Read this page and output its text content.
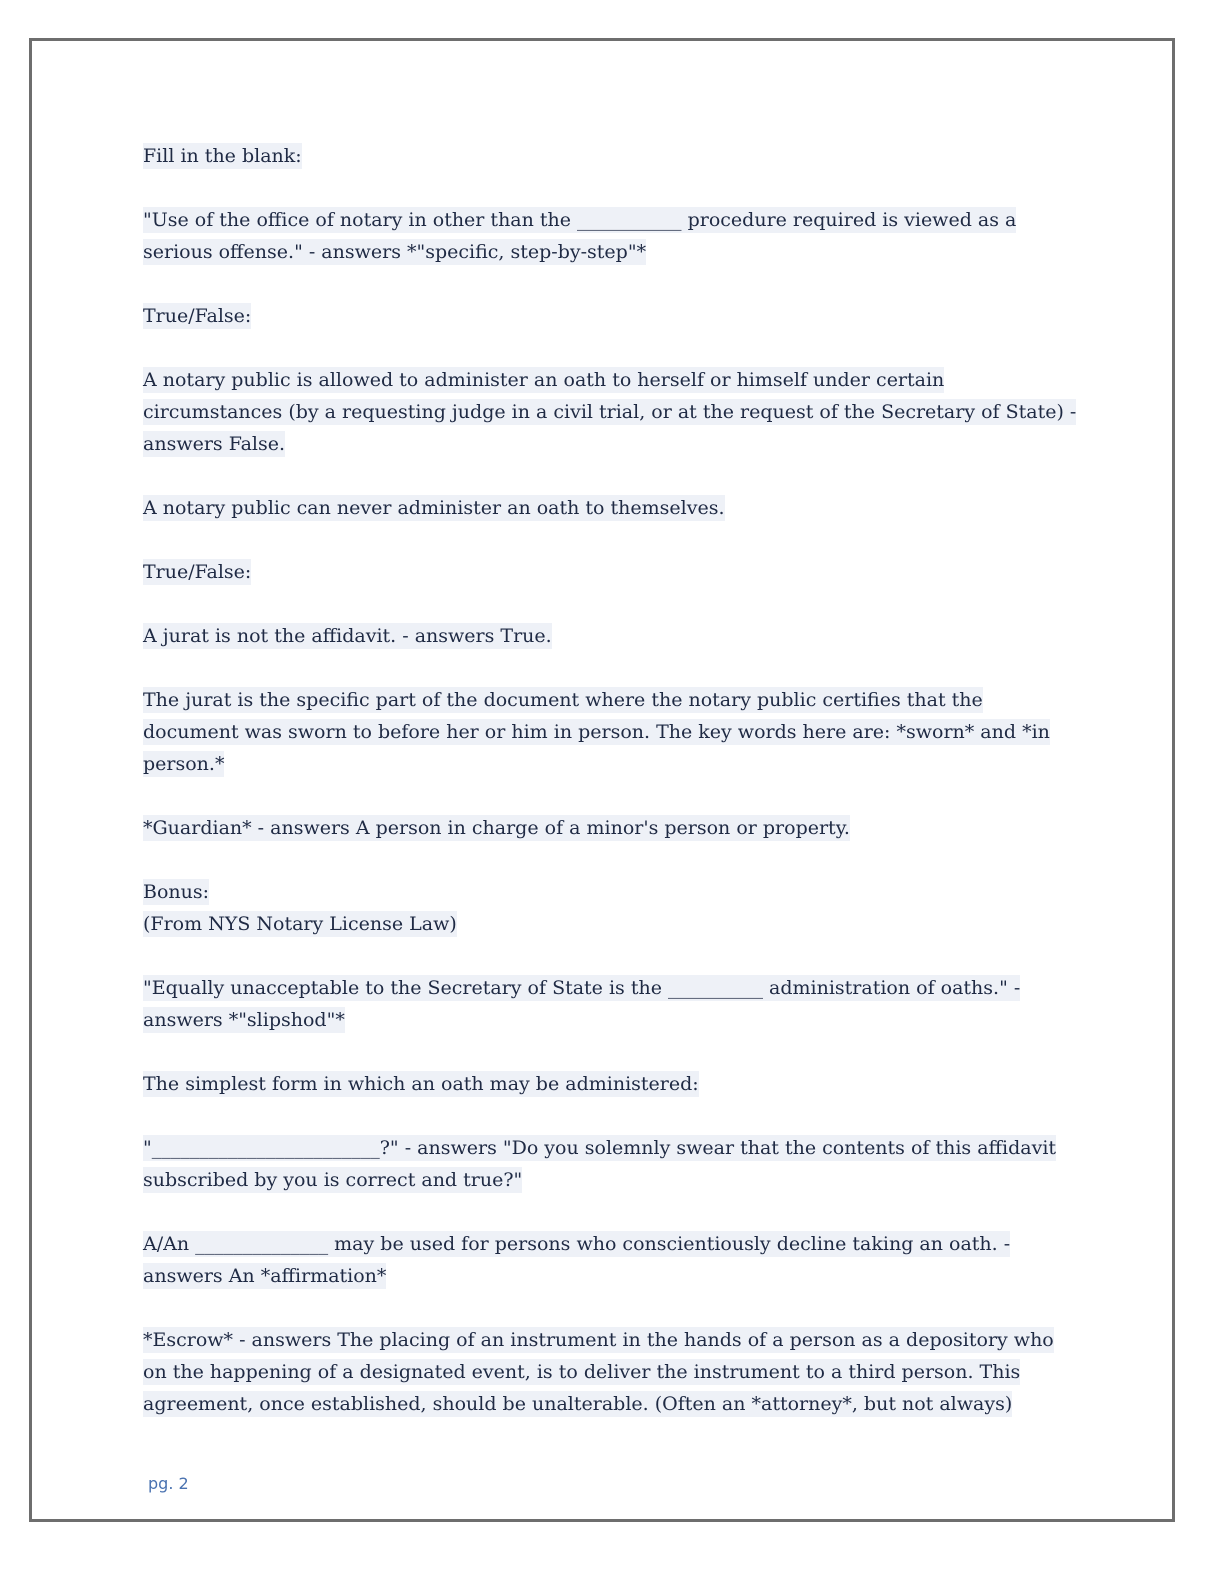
Fill in the blank:
"Use of the office of notary in other than the ___________ procedure required is viewed as a serious offense." - answers *"specific, step-by-step"*
True/False:
A notary public is allowed to administer an oath to herself or himself under certain circumstances (by a requesting judge in a civil trial, or at the request of the Secretary of State) - answers False.
A notary public can never administer an oath to themselves.
True/False:
A jurat is not the affidavit. - answers True.
The jurat is the specific part of the document where the notary public certifies that the document was sworn to before her or him in person. The key words here are: *sworn* and *in person.*
*Guardian* - answers A person in charge of a minor's person or property.
Bonus:
(From NYS Notary License Law)
"Equally unacceptable to the Secretary of State is the __________ administration of oaths." - answers *"slipshod"*
The simplest form in which an oath may be administered:
"________________________?" - answers "Do you solemnly swear that the contents of this affidavit subscribed by you is correct and true?"
A/An ______________ may be used for persons who conscientiously decline taking an oath. - answers An *affirmation*
*Escrow* - answers The placing of an instrument in the hands of a person as a depository who on the happening of a designated event, is to deliver the instrument to a third person. This agreement, once established, should be unalterable. (Often an *attorney*, but not always)
pg. 2
